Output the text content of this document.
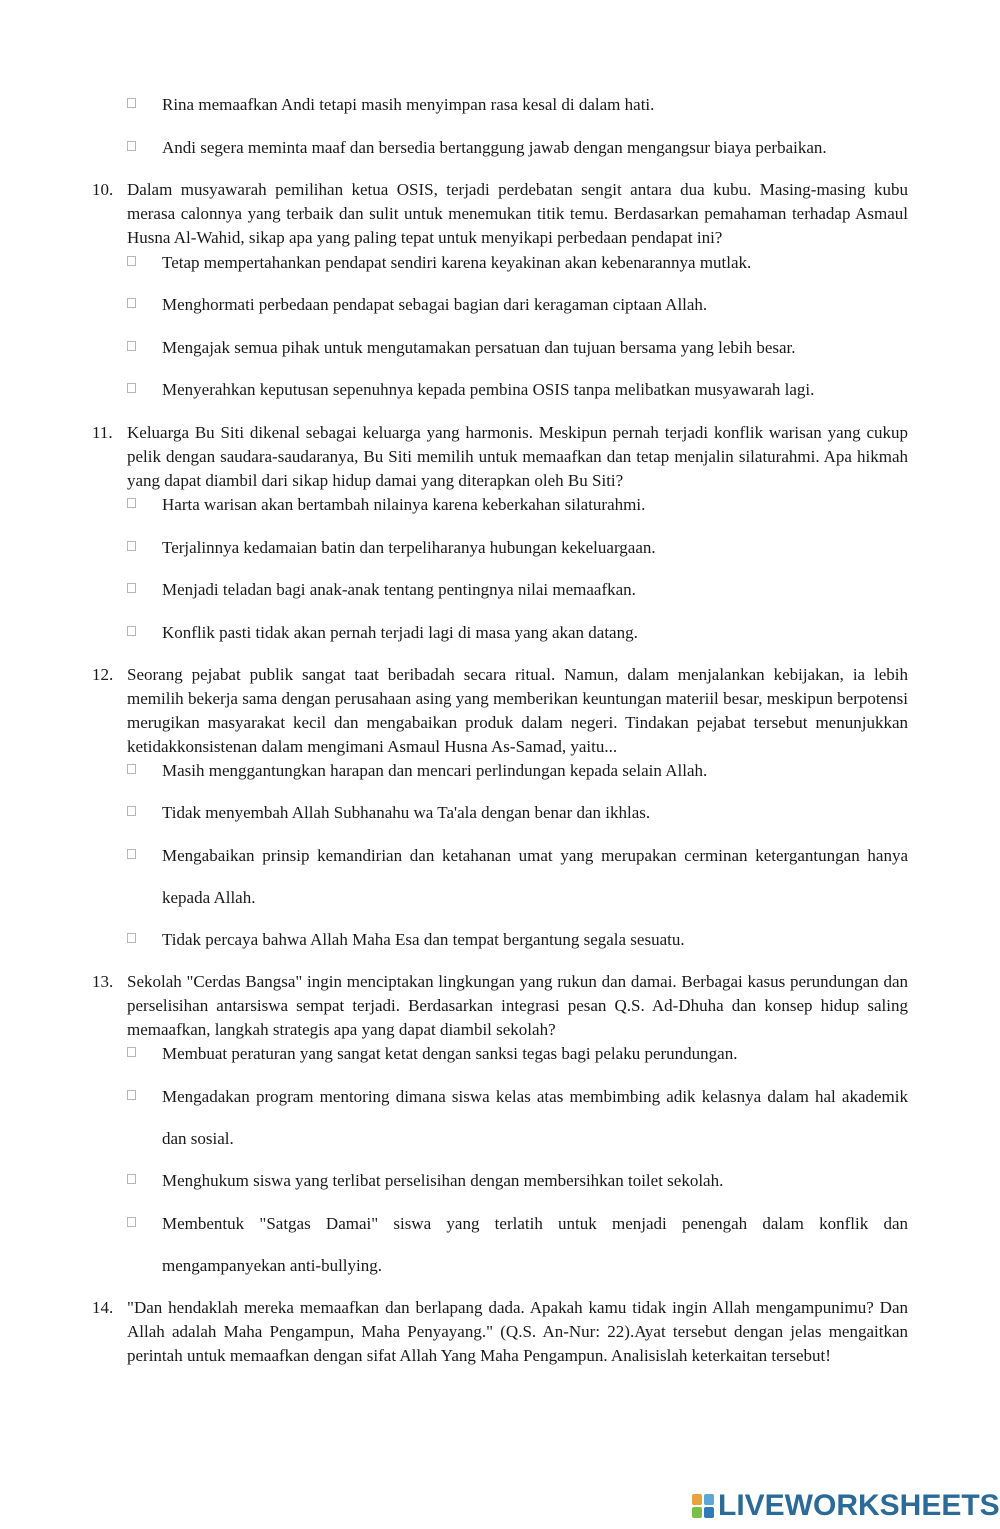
Rina memaafkan Andi tetapi masih menyimpan rasa kesal di dalam hati.
Andi segera meminta maaf dan bersedia bertanggung jawab dengan mengangsur biaya perbaikan.
10. Dalam musyawarah pemilihan ketua OSIS, terjadi perdebatan sengit antara dua kubu. Masing-masing kubu merasa calonnya yang terbaik dan sulit untuk menemukan titik temu. Berdasarkan pemahaman terhadap Asmaul Husna Al-Wahid, sikap apa yang paling tepat untuk menyikapi perbedaan pendapat ini?
Tetap mempertahankan pendapat sendiri karena keyakinan akan kebenarannya mutlak.
Menghormati perbedaan pendapat sebagai bagian dari keragaman ciptaan Allah.
Mengajak semua pihak untuk mengutamakan persatuan dan tujuan bersama yang lebih besar.
Menyerahkan keputusan sepenuhnya kepada pembina OSIS tanpa melibatkan musyawarah lagi.
11. Keluarga Bu Siti dikenal sebagai keluarga yang harmonis. Meskipun pernah terjadi konflik warisan yang cukup pelik dengan saudara-saudaranya, Bu Siti memilih untuk memaafkan dan tetap menjalin silaturahmi. Apa hikmah yang dapat diambil dari sikap hidup damai yang diterapkan oleh Bu Siti?
Harta warisan akan bertambah nilainya karena keberkahan silaturahmi.
Terjalinnya kedamaian batin dan terpeliharanya hubungan kekeluargaan.
Menjadi teladan bagi anak-anak tentang pentingnya nilai memaafkan.
Konflik pasti tidak akan pernah terjadi lagi di masa yang akan datang.
12. Seorang pejabat publik sangat taat beribadah secara ritual. Namun, dalam menjalankan kebijakan, ia lebih memilih bekerja sama dengan perusahaan asing yang memberikan keuntungan materiil besar, meskipun berpotensi merugikan masyarakat kecil dan mengabaikan produk dalam negeri. Tindakan pejabat tersebut menunjukkan ketidakkonsistenan dalam mengimani Asmaul Husna As-Samad, yaitu...
Masih menggantungkan harapan dan mencari perlindungan kepada selain Allah.
Tidak menyembah Allah Subhanahu wa Ta'ala dengan benar dan ikhlas.
Mengabaikan prinsip kemandirian dan ketahanan umat yang merupakan cerminan ketergantungan hanya kepada Allah.
Tidak percaya bahwa Allah Maha Esa dan tempat bergantung segala sesuatu.
13. Sekolah "Cerdas Bangsa" ingin menciptakan lingkungan yang rukun dan damai. Berbagai kasus perundungan dan perselisihan antarsiswa sempat terjadi. Berdasarkan integrasi pesan Q.S. Ad-Dhuha dan konsep hidup saling memaafkan, langkah strategis apa yang dapat diambil sekolah?
Membuat peraturan yang sangat ketat dengan sanksi tegas bagi pelaku perundungan.
Mengadakan program mentoring dimana siswa kelas atas membimbing adik kelasnya dalam hal akademik dan sosial.
Menghukum siswa yang terlibat perselisihan dengan membersihkan toilet sekolah.
Membentuk "Satgas Damai" siswa yang terlatih untuk menjadi penengah dalam konflik dan mengampanyekan anti-bullying.
14. "Dan hendaklah mereka memaafkan dan berlapang dada. Apakah kamu tidak ingin Allah mengampunimu? Dan Allah adalah Maha Pengampun, Maha Penyayang." (Q.S. An-Nur: 22).Ayat tersebut dengan jelas mengaitkan perintah untuk memaafkan dengan sifat Allah Yang Maha Pengampun. Analisislah keterkaitan tersebut!
LIVEWORKSHEETS
